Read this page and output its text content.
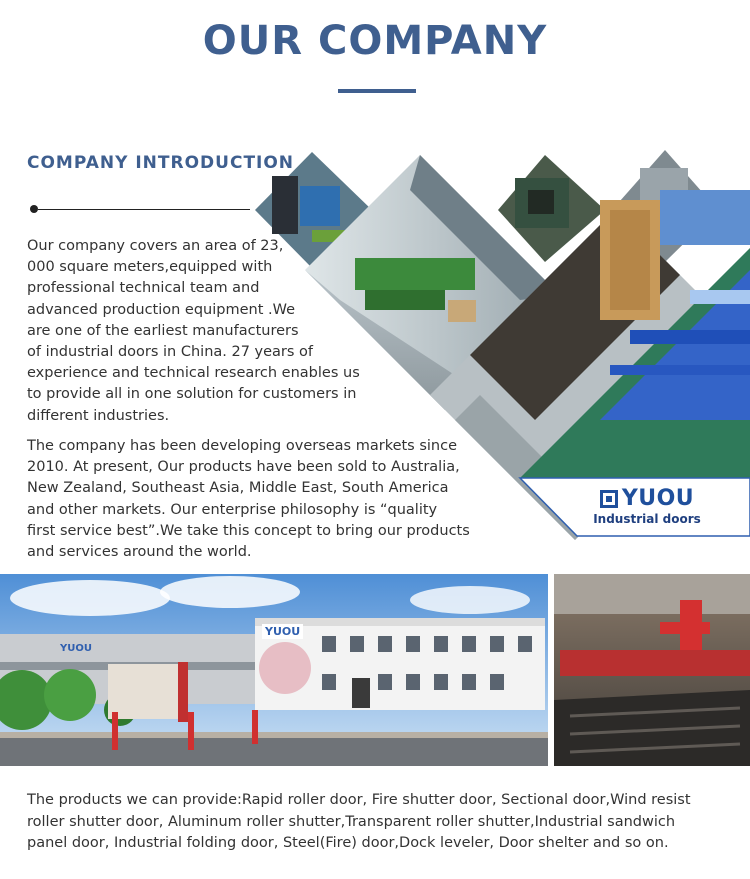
OUR COMPANY
COMPANY INTRODUCTION
Our company covers an area of 23,
000 square meters,equipped with
professional technical team and
advanced production equipment .We
are one of the earliest manufacturers
of industrial doors in China. 27 years of
experience and technical research enables us
to provide all in one solution for customers in
different industries.
The company has been developing overseas markets since
2010. At present, Our products have been sold to Australia,
New Zealand, Southeast Asia, Middle East, South America
and other markets. Our enterprise philosophy is “quality
first service best”.We take this concept to bring our products
and services around the world.
YUOU
Industrial doors
YUOU
YUOU
The products we can provide:Rapid roller door, Fire shutter door, Sectional door,Wind resist
roller shutter door, Aluminum roller shutter,Transparent roller shutter,Industrial sandwich
panel door, Industrial folding door, Steel(Fire) door,Dock leveler, Door shelter and so on.
